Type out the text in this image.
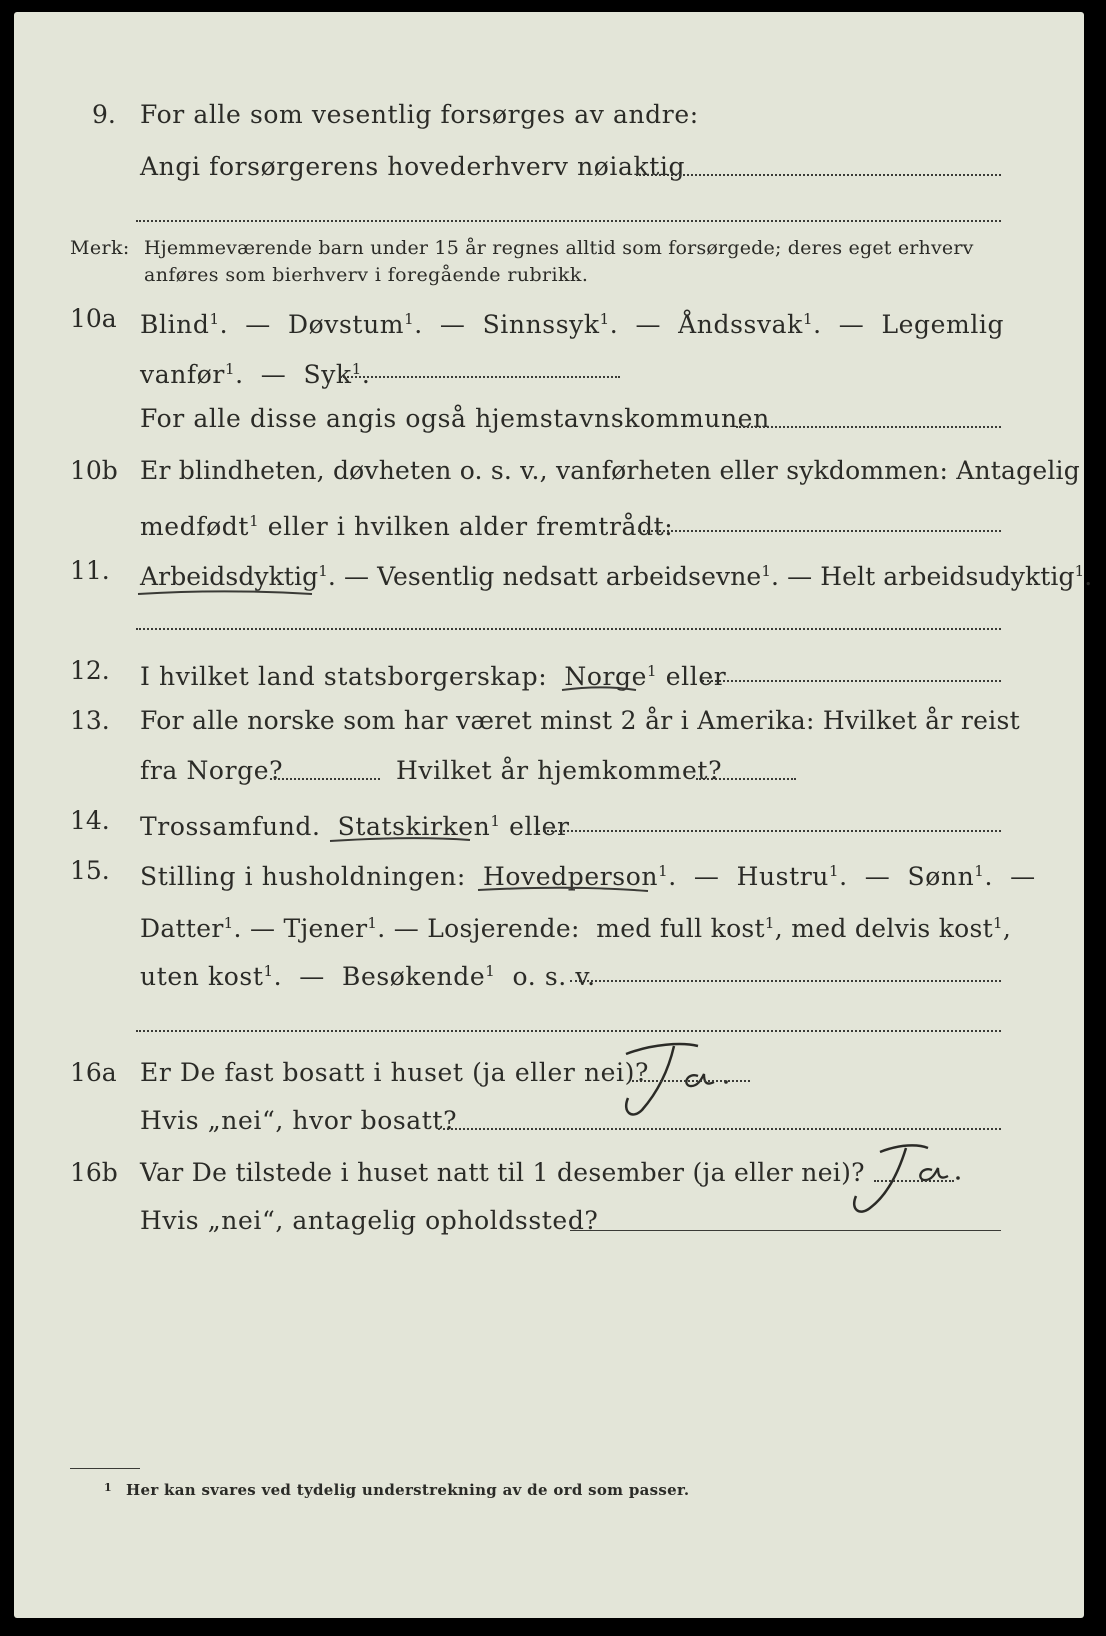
9. For alle som vesentlig forsørges av andre:
Angi forsørgerens hovederhverv nøiaktig
Merk: Hjemmeværende barn under 15 år regnes alltid som forsørgede; deres eget erhverv
anføres som bierhverv i foregående rubrikk.
10a Blind$^1$. — Døvstum$^1$. — Sinnssyk$^1$. — Åndssvak$^1$. — Legemlig
vanfør$^1$. — Syk$^1$.
For alle disse angis også hjemstavnskommunen
10b Er blindheten, døvheten o. s. v., vanførheten eller sykdommen: Antagelig
medfødt$^1$ eller i hvilken alder fremtrådt:
11. Arbeidsdyktig$^1$. — Vesentlig nedsatt arbeidsevne$^1$. — Helt arbeidsudyktig$^1$.
12. I hvilket land statsborgerskap: Norge$^1$ eller
13. For alle norske som har været minst 2 år i Amerika: Hvilket år reist
fra Norge?	Hvilket år hjemkommet?
14. Trossamfund. Statskirken$^1$ eller
15. Stilling i husholdningen: Hovedperson$^1$. — Hustru$^1$. — Sønn$^1$. —
Datter$^1$. — Tjener$^1$. — Losjerende: med full kost$^1$, med delvis kost$^1$,
uten kost$^1$. — Besøkende$^1$ o. s. v.
16a Er De fast bosatt i huset (ja eller nei)?
Hvis „nei“, hvor bosatt?
16b Var De tilstede i huset natt til 1 desember (ja eller nei)?
Hvis „nei“, antagelig opholdssted?
1 Her kan svares ved tydelig understrekning av de ord som passer.
